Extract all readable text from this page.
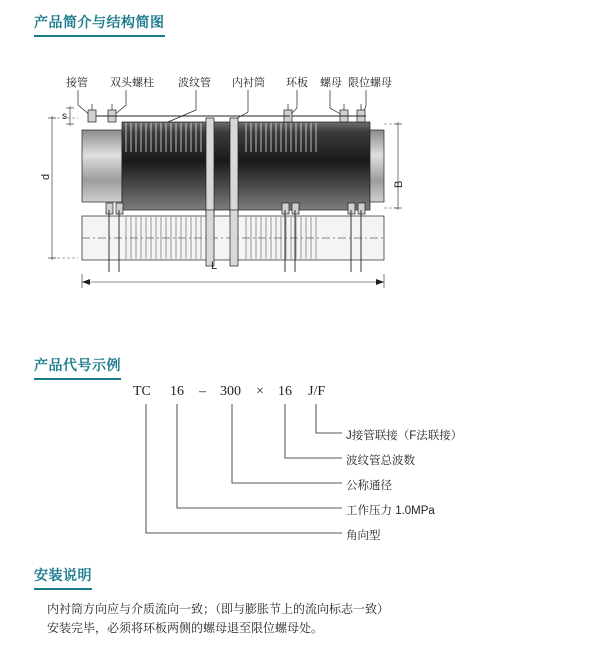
产品简介与结构简图
接管 双头螺柱 波纹管 内衬筒 环板 螺母 限位螺母
s
d
B
L
产品代号示例
TC 16 – 300 × 16 J/F
J接管联接（F法联接）
波纹管总波数
公称通径
工作压力 1.0MPa
角向型
安装说明
内衬筒方向应与介质流向一致；（即与膨胀节上的流向标志一致）
安装完毕，必须将环板两侧的螺母退至限位螺母处。
